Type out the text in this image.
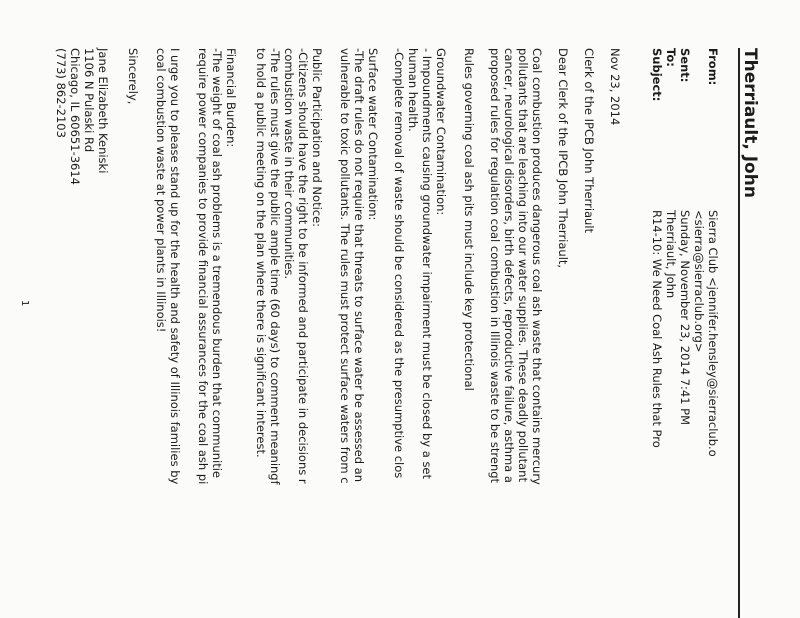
Therriault, John
From:
Sierra Club <jennifer.hensley@sierraclub.o
<sierra@sierraclub.org>
Sent:
Sunday, November 23, 2014 7:41 PM
To:
Therriault, John
Subject:
R14-10: We Need Coal Ash Rules that Pro
Nov 23, 2014
Clerk of the IPCB John Therriault
Dear Clerk of the IPCB John Therriault,
Coal combustion produces dangerous coal ash waste that contains mercury
pollutants that are leaching into our water supplies. These deadly pollutant
cancer, neurological disorders, birth defects, reproductive failure, asthma a
proposed rules for regulation coal combustion in Illinois waste to be strengt
Rules governing coal ash pits must include key protectional
Groundwater Contamination:
- Impoundments causing groundwater impairment must be closed by a set
human health.
-Complete removal of waste should be considered as the presumptive clos
Surface water Contamination:
-The draft rules do not require that threats to surface water be assessed an
vulnerable to toxic pollutants. The rules must protect surface waters from c
Public Participation and Notice:
-Citizens should have the right to be informed and participate in decisions r
combustion waste in their communities.
-The rules must give the public ample time (60 days) to comment meaningf
to hold a public meeting on the plan where there is significant interest.
Financial Burden:
-The weight of coal ash problems is a tremendous burden that communitie
require power companies to provide financial assurances for the coal ash pi
I urge you to please stand up for the health and safety of Illinois families by
coal combustion waste at power plants in Illinois!
Sincerely,
Jane Elizabeth Keniski
1106 N Pulaski Rd
Chicago, IL 60651-3614
(773) 862-2103
1
